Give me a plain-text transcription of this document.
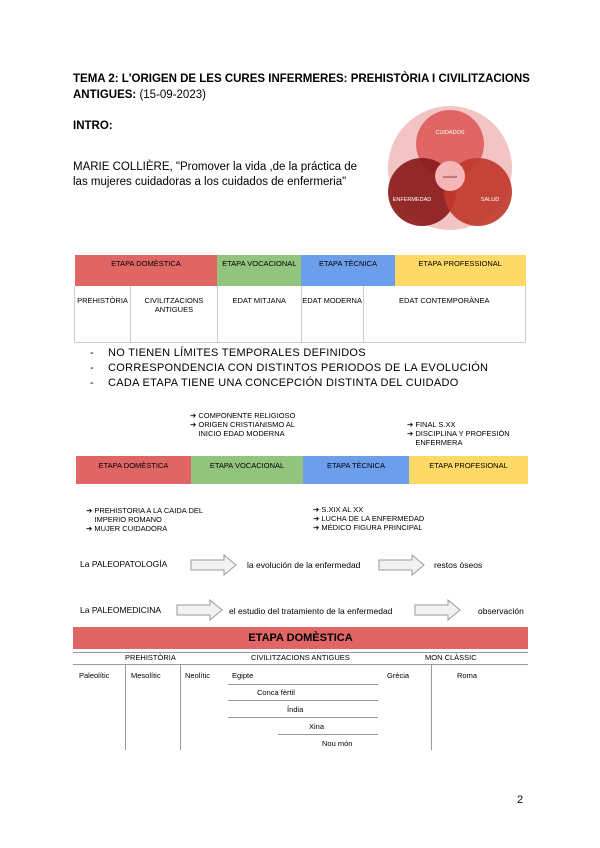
TEMA 2: L'ORIGEN DE LES CURES INFERMERES: PREHISTÒRIA I CIVILITZACIONS ANTIGUES: (15-09-2023)
INTRO:
MARIE COLLIÈRE, "Promover la vida ,de la práctica de las mujeres cuidadoras a los cuidados de enfermeria"
CUIDADOS
ENFERMEDAD	SALUD
cuidado
ETAPA DOMÈSTICA		ETAPA VOCACIONAL	ETAPA TÈCNICA		ETAPA PROFESSIONAL
PREHISTÒRIA	CIVILITZACIONS ANTIGUES	EDAT MITJANA	EDAT MODERNA	EDAT CONTEMPORÀNEA	
- NO TIENEN LÍMITES TEMPORALES DEFINIDOS
- CORRESPONDENCIA CON DISTINTOS PERIODOS DE LA EVOLUCIÓN
- CADA ETAPA TIENE UNA CONCEPCIÓN DISTINTA DEL CUIDADO
➔ COMPONENTE RELIGIOSO
➔ ORIGEN CRISTIANISMO AL INICIO EDAD MODERNA
➔ FINAL S.XX
➔ DISCIPLINA Y PROFESIÓN ENFERMERA
ETAPA DOMÈSTICA	ETAPA VOCACIONAL	ETAPA TÈCNICA	ETAPA PROFESIONAL
➔ PREHISTORIA A LA CAIDA DEL IMPERIO ROMANO
➔ MUJER CUIDADORA
➔ S.XIX AL XX
➔ LUCHA DE LA ENFERMEDAD
➔ MÉDICO FIGURA PRINCIPAL
La PALEOPATOLOGÍA	la evolución de la enfermedad	restos óseos
La PALEOMEDICINA	el estudio del tratamiento de la enfermedad	observación
ETAPA DOMÈSTICA
PREHISTÒRIA	CIVILITZACIONS ANTIGUES	MON CLÀSSIC
Paleolític	Mesolític	Neolític	Egipte	Grècia	Roma
Conca fèrtil
Índia
Xina
Nou món
2
